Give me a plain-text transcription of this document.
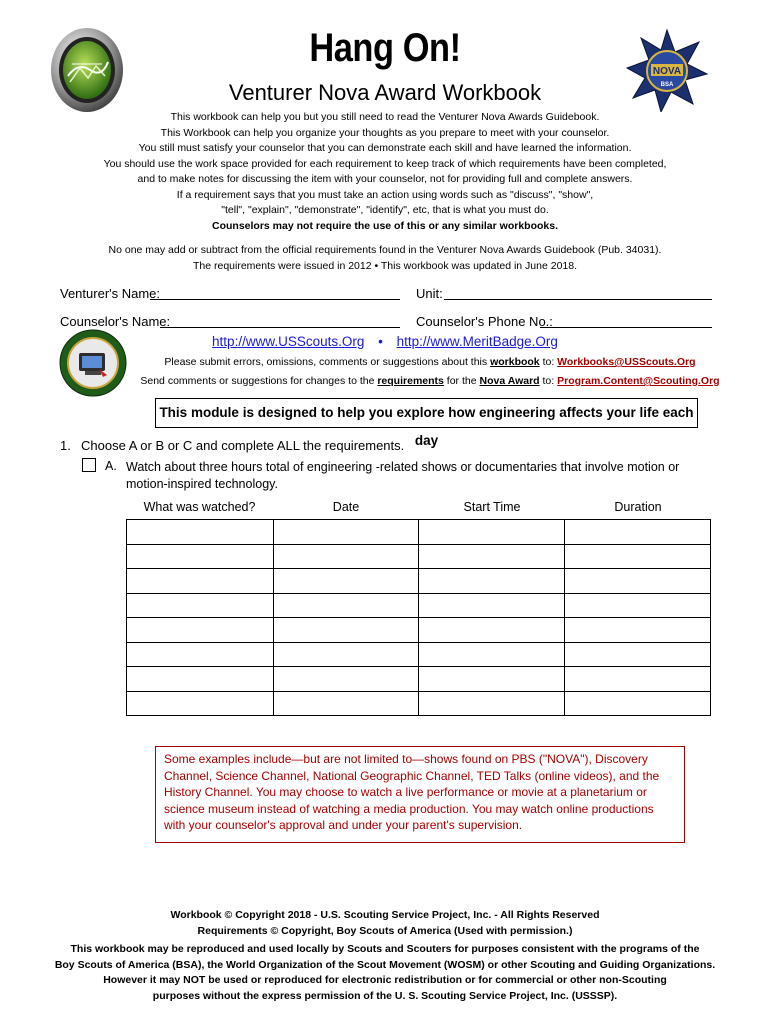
NOVA
BSA
Hang On!
Venturer Nova Award Workbook
This workbook can help you but you still need to read the Venturer Nova Awards Guidebook.
This Workbook can help you organize your thoughts as you prepare to meet with your counselor.
You still must satisfy your counselor that you can demonstrate each skill and have learned the information.
You should use the work space provided for each requirement to keep track of which requirements have been completed,
and to make notes for discussing the item with your counselor, not for providing full and complete answers.
If a requirement says that you must take an action using words such as "discuss", "show",
"tell", "explain", "demonstrate", "identify", etc, that is what you must do.
Counselors may not require the use of this or any similar workbooks.
No one may add or subtract from the official requirements found in the Venturer Nova Awards Guidebook (Pub. 34031).
The requirements were issued in 2012 • This workbook was updated in June 2018.
Venturer's Name:	Unit:
Counselor's Name:	Counselor's Phone No.:
http://www.USScouts.Org • http://www.MeritBadge.Org
Please submit errors, omissions, comments or suggestions about this workbook to: Workbooks@USScouts.Org
Send comments or suggestions for changes to the requirements for the Nova Award to: Program.Content@Scouting.Org
This module is designed to help you explore how engineering affects your life each day
1. Choose A or B or C and complete ALL the requirements.
A. Watch about three hours total of engineering -related shows or documentaries that involve motion or motion-inspired technology.
What was watched?	Date	Start Time	Duration

Some examples include—but are not limited to—shows found on PBS ("NOVA"), Discovery Channel, Science Channel, National Geographic Channel, TED Talks (online videos), and the History Channel. You may choose to watch a live performance or movie at a planetarium or science museum instead of watching a media production. You may watch online productions with your counselor's approval and under your parent's supervision.
Workbook © Copyright 2018 - U.S. Scouting Service Project, Inc. - All Rights Reserved
Requirements © Copyright, Boy Scouts of America (Used with permission.)
This workbook may be reproduced and used locally by Scouts and Scouters for purposes consistent with the programs of the
Boy Scouts of America (BSA), the World Organization of the Scout Movement (WOSM) or other Scouting and Guiding Organizations.
However it may NOT be used or reproduced for electronic redistribution or for commercial or other non-Scouting
purposes without the express permission of the U. S. Scouting Service Project, Inc. (USSSP).
